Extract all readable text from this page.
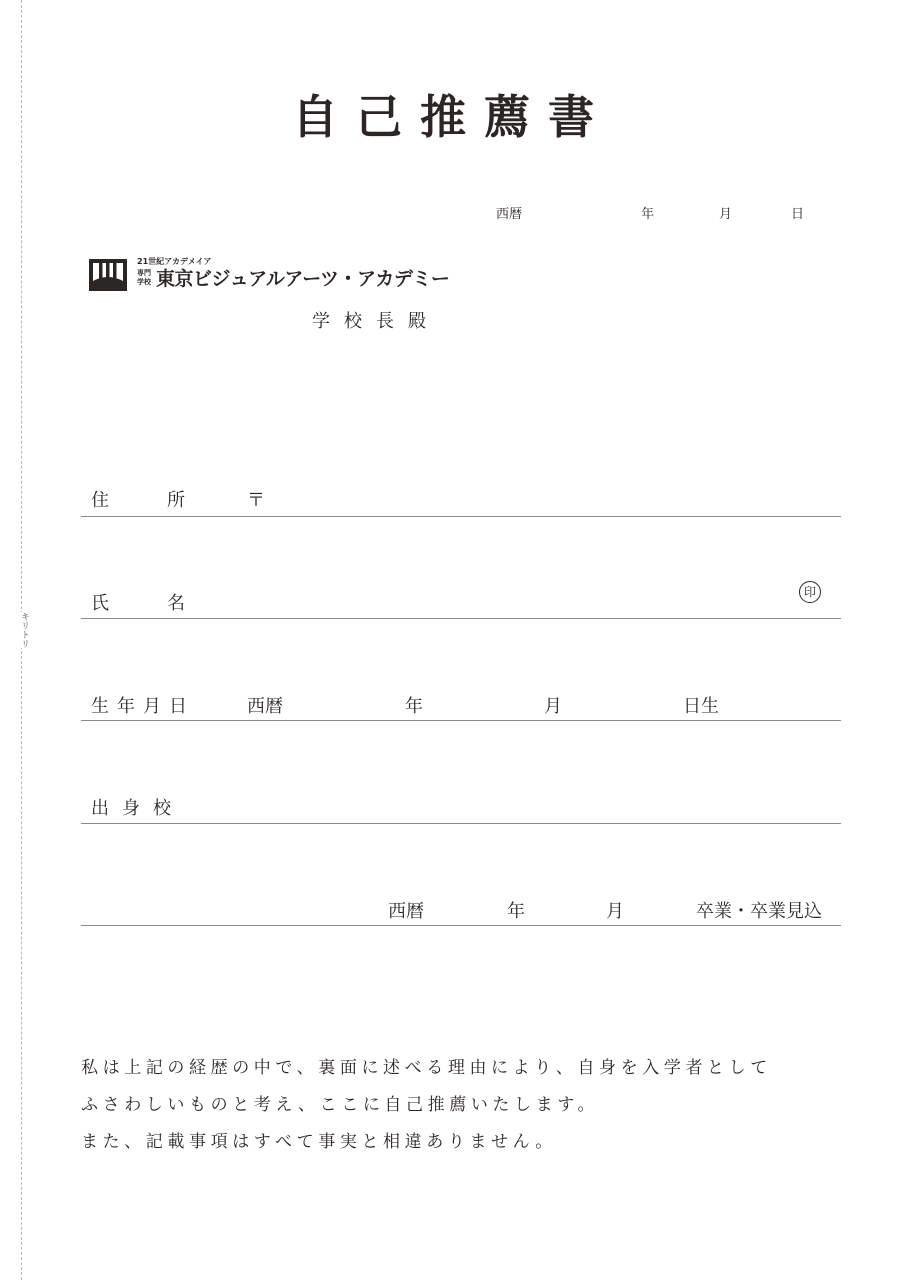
キリトリ
自己推薦書
西暦	年	月	日
21世紀アカデメイア
専門学校 東京ビジュアルアーツ・アカデミー
学校長殿
住所 〒
氏名
印
生年月日	西暦	年	月	日生
出身校
西暦	年	月	卒業・卒業見込
私は上記の経歴の中で、裏面に述べる理由により、自身を入学者として
ふさわしいものと考え、ここに自己推薦いたします。
また、記載事項はすべて事実と相違ありません。
